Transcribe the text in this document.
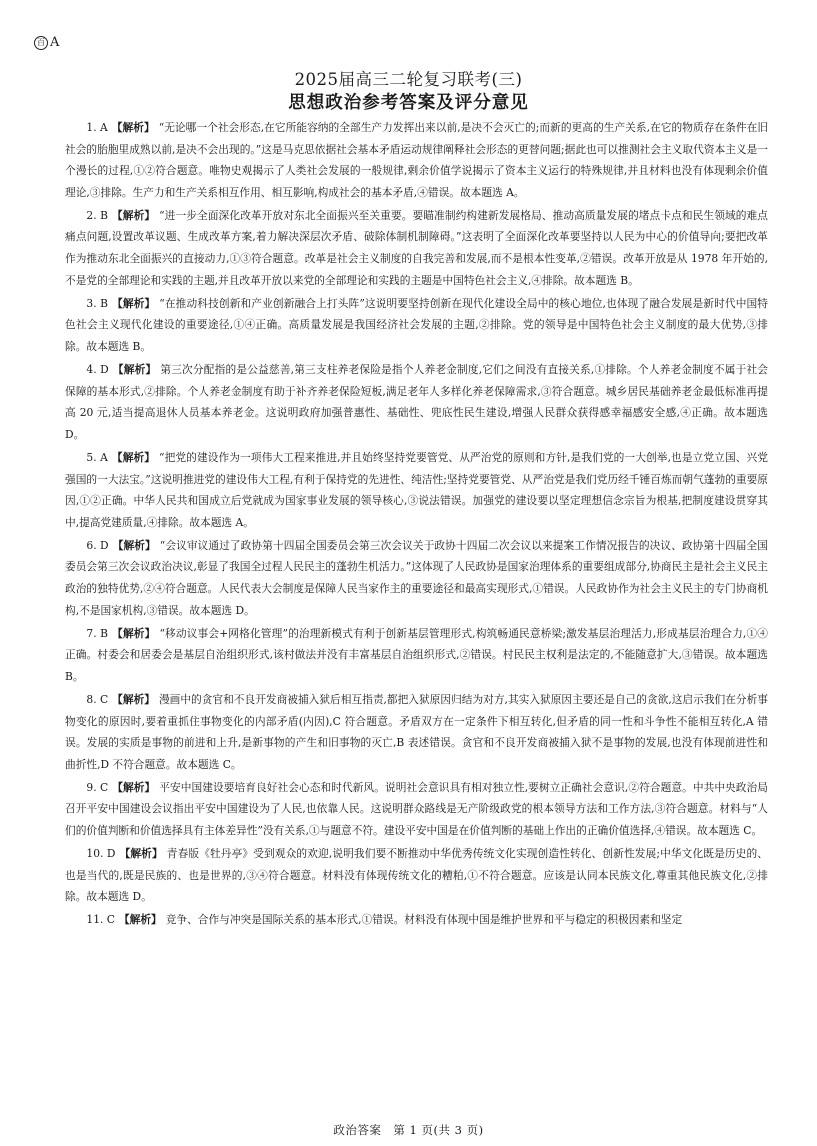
百 A
2025届高三二轮复习联考(三)
思想政治参考答案及评分意见

1. A 【解析】 “无论哪一个社会形态,在它所能容纳的全部生产力发挥出来以前,是决不会灭亡的;而新的更高的生产关系,在它的物质存在条件在旧社会的胎胞里成熟以前,是决不会出现的。”这是马克思依据社会基本矛盾运动规律阐释社会形态的更替问题;据此也可以推测社会主义取代资本主义是一个漫长的过程,①②符合题意。唯物史观揭示了人类社会发展的一般规律,剩余价值学说揭示了资本主义运行的特殊规律,并且材料也没有体现剩余价值理论,③排除。生产力和生产关系相互作用、相互影响,构成社会的基本矛盾,④错误。故本题选 A。

2. B 【解析】 “进一步全面深化改革开放对东北全面振兴至关重要。要瞄准制约构建新发展格局、推动高质量发展的堵点卡点和民生领域的难点痛点问题,设置改革议题、生成改革方案,着力解决深层次矛盾、破除体制机制障碍。”这表明了全面深化改革要坚持以人民为中心的价值导向;要把改革作为推动东北全面振兴的直接动力,①③符合题意。改革是社会主义制度的自我完善和发展,而不是根本性变革,②错误。改革开放是从 1978 年开始的,不是党的全部理论和实践的主题,并且改革开放以来党的全部理论和实践的主题是中国特色社会主义,④排除。故本题选 B。

3. B 【解析】 “在推动科技创新和产业创新融合上打头阵”这说明要坚持创新在现代化建设全局中的核心地位,也体现了融合发展是新时代中国特色社会主义现代化建设的重要途径,①④正确。高质量发展是我国经济社会发展的主题,②排除。党的领导是中国特色社会主义制度的最大优势,③排除。故本题选 B。

4. D 【解析】 第三次分配指的是公益慈善,第三支柱养老保险是指个人养老金制度,它们之间没有直接关系,①排除。个人养老金制度不属于社会保障的基本形式,②排除。个人养老金制度有助于补齐养老保险短板,满足老年人多样化养老保障需求,③符合题意。城乡居民基础养老金最低标准再提高 20 元,适当提高退休人员基本养老金。这说明政府加强普惠性、基础性、兜底性民生建设,增强人民群众获得感幸福感安全感,④正确。故本题选 D。

5. A 【解析】 “把党的建设作为一项伟大工程来推进,并且始终坚持党要管党、从严治党的原则和方针,是我们党的一大创举,也是立党立国、兴党强国的一大法宝。”这说明推进党的建设伟大工程,有利于保持党的先进性、纯洁性;坚持党要管党、从严治党是我们党历经千锤百炼而朝气蓬勃的重要原因,①②正确。中华人民共和国成立后党就成为国家事业发展的领导核心,③说法错误。加强党的建设要以坚定理想信念宗旨为根基,把制度建设贯穿其中,提高党建质量,④排除。故本题选 A。

6. D 【解析】 “会议审议通过了政协第十四届全国委员会第三次会议关于政协十四届二次会议以来提案工作情况报告的决议、政协第十四届全国委员会第三次会议政治决议,彰显了我国全过程人民民主的蓬勃生机活力。”这体现了人民政协是国家治理体系的重要组成部分,协商民主是社会主义民主政治的独特优势,②④符合题意。人民代表大会制度是保障人民当家作主的重要途径和最高实现形式,①错误。人民政协作为社会主义民主的专门协商机构,不是国家机构,③错误。故本题选 D。

7. B 【解析】 “移动议事会+网格化管理”的治理新模式有利于创新基层管理形式,构筑畅通民意桥梁;激发基层治理活力,形成基层治理合力,①④正确。村委会和居委会是基层自治组织形式,该村做法并没有丰富基层自治组织形式,②错误。村民民主权利是法定的,不能随意扩大,③错误。故本题选 B。

8. C 【解析】 漫画中的贪官和不良开发商被捕入狱后相互指责,都把入狱原因归结为对方,其实入狱原因主要还是自己的贪欲,这启示我们在分析事物变化的原因时,要着重抓住事物变化的内部矛盾(内因),C 符合题意。矛盾双方在一定条件下相互转化,但矛盾的同一性和斗争性不能相互转化,A 错误。发展的实质是事物的前进和上升,是新事物的产生和旧事物的灭亡,B 表述错误。贪官和不良开发商被捕入狱不是事物的发展,也没有体现前进性和曲折性,D 不符合题意。故本题选 C。

9. C 【解析】 平安中国建设要培育良好社会心态和时代新风。说明社会意识具有相对独立性,要树立正确社会意识,②符合题意。中共中央政治局召开平安中国建设会议指出平安中国建设为了人民,也依靠人民。这说明群众路线是无产阶级政党的根本领导方法和工作方法,③符合题意。材料与“人们的价值判断和价值选择具有主体差异性”没有关系,①与题意不符。建设平安中国是在价值判断的基础上作出的正确价值选择,④错误。故本题选 C。

10. D 【解析】 青春版《牡丹亭》受到观众的欢迎,说明我们要不断推动中华优秀传统文化实现创造性转化、创新性发展;中华文化既是历史的、也是当代的,既是民族的、也是世界的,③④符合题意。材料没有体现传统文化的糟粕,①不符合题意。应该是认同本民族文化,尊重其他民族文化,②排除。故本题选 D。

11. C 【解析】 竞争、合作与冲突是国际关系的基本形式,①错误。材料没有体现中国是维护世界和平与稳定的积极因素和坚定

政治答案　第 1 页(共 3 页)
